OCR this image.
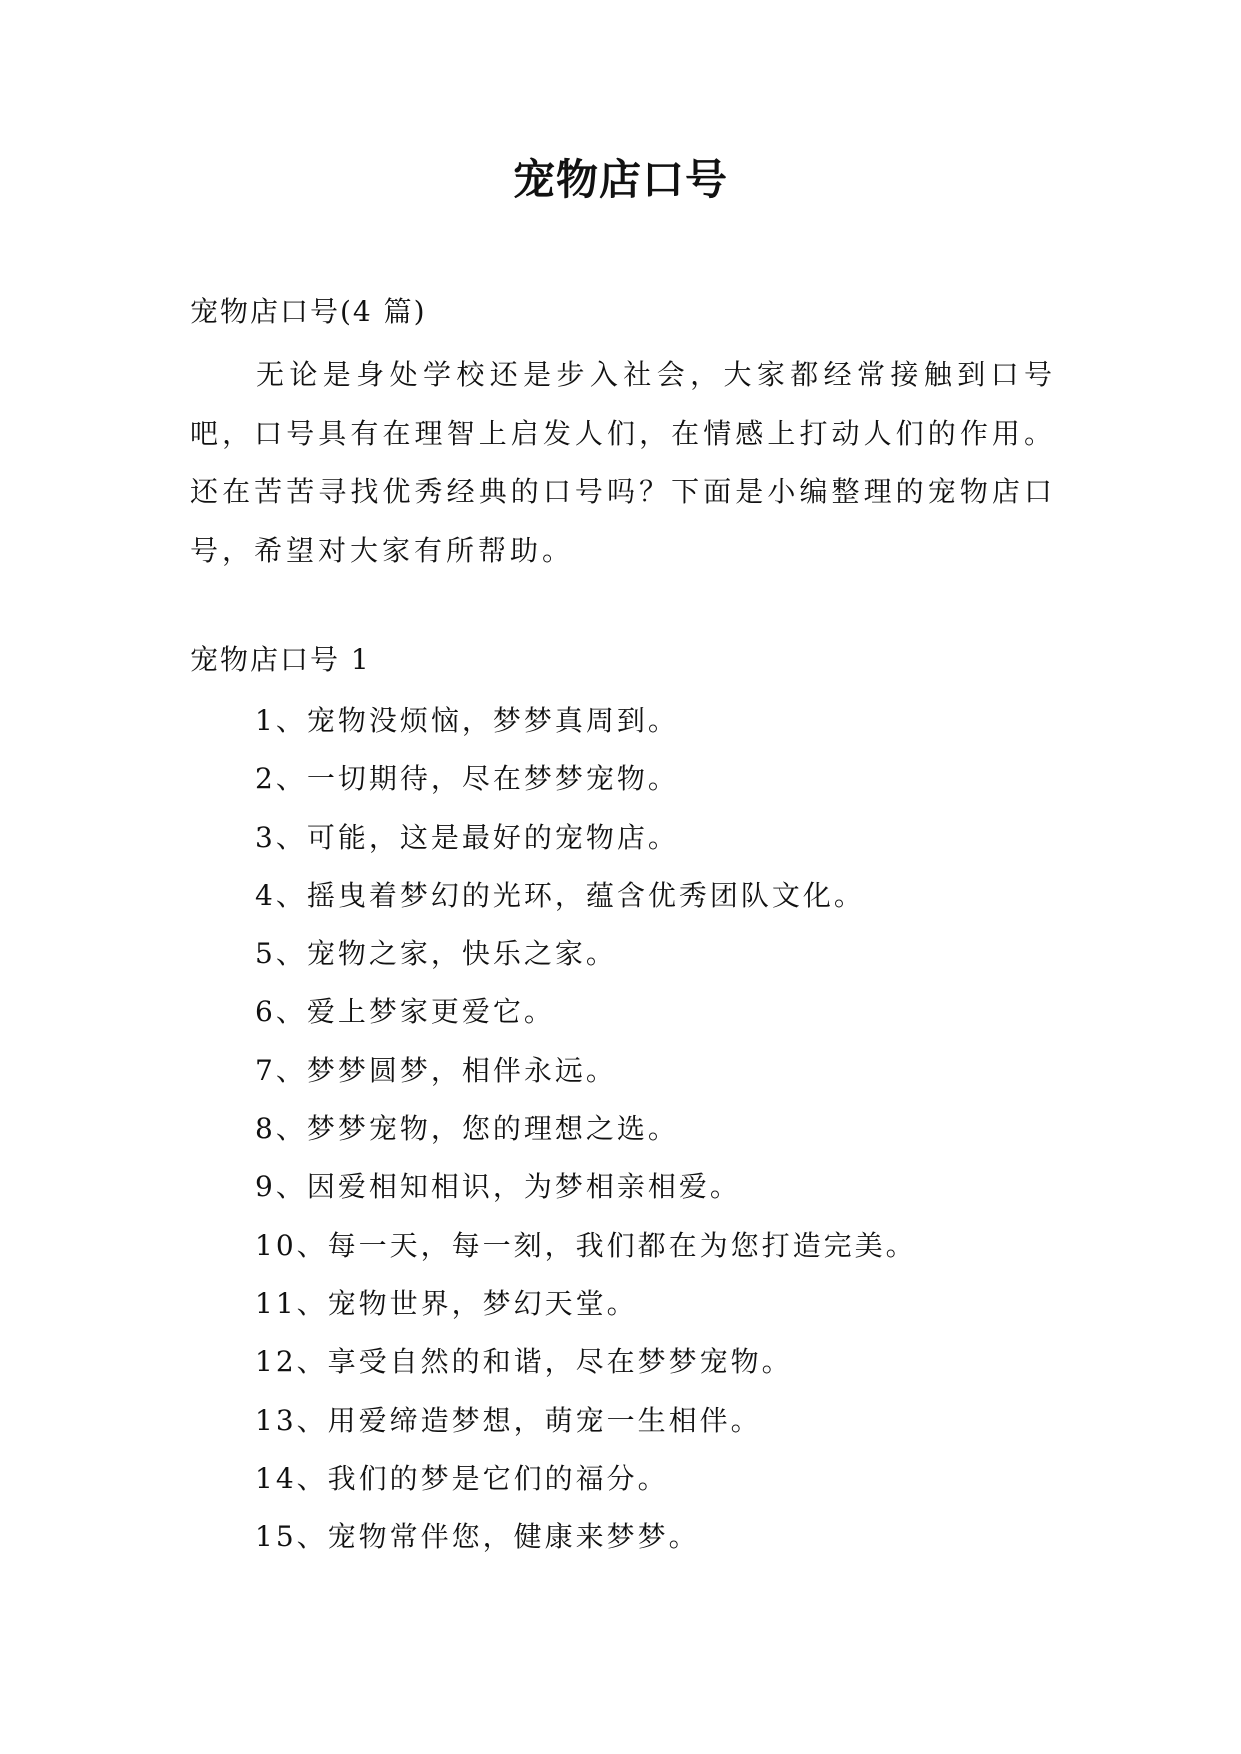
宠物店口号
宠物店口号(4 篇)

无论是身处学校还是步入社会，大家都经常接触到口号吧，口号具有在理智上启发人们，在情感上打动人们的作用。还在苦苦寻找优秀经典的口号吗？下面是小编整理的宠物店口号，希望对大家有所帮助。

宠物店口号 1
1、宠物没烦恼，梦梦真周到。
2、一切期待，尽在梦梦宠物。
3、可能，这是最好的宠物店。
4、摇曳着梦幻的光环，蕴含优秀团队文化。
5、宠物之家，快乐之家。
6、爱上梦家更爱它。
7、梦梦圆梦，相伴永远。
8、梦梦宠物，您的理想之选。
9、因爱相知相识，为梦相亲相爱。
10、每一天，每一刻，我们都在为您打造完美。
11、宠物世界，梦幻天堂。
12、享受自然的和谐，尽在梦梦宠物。
13、用爱缔造梦想，萌宠一生相伴。
14、我们的梦是它们的福分。
15、宠物常伴您，健康来梦梦。
